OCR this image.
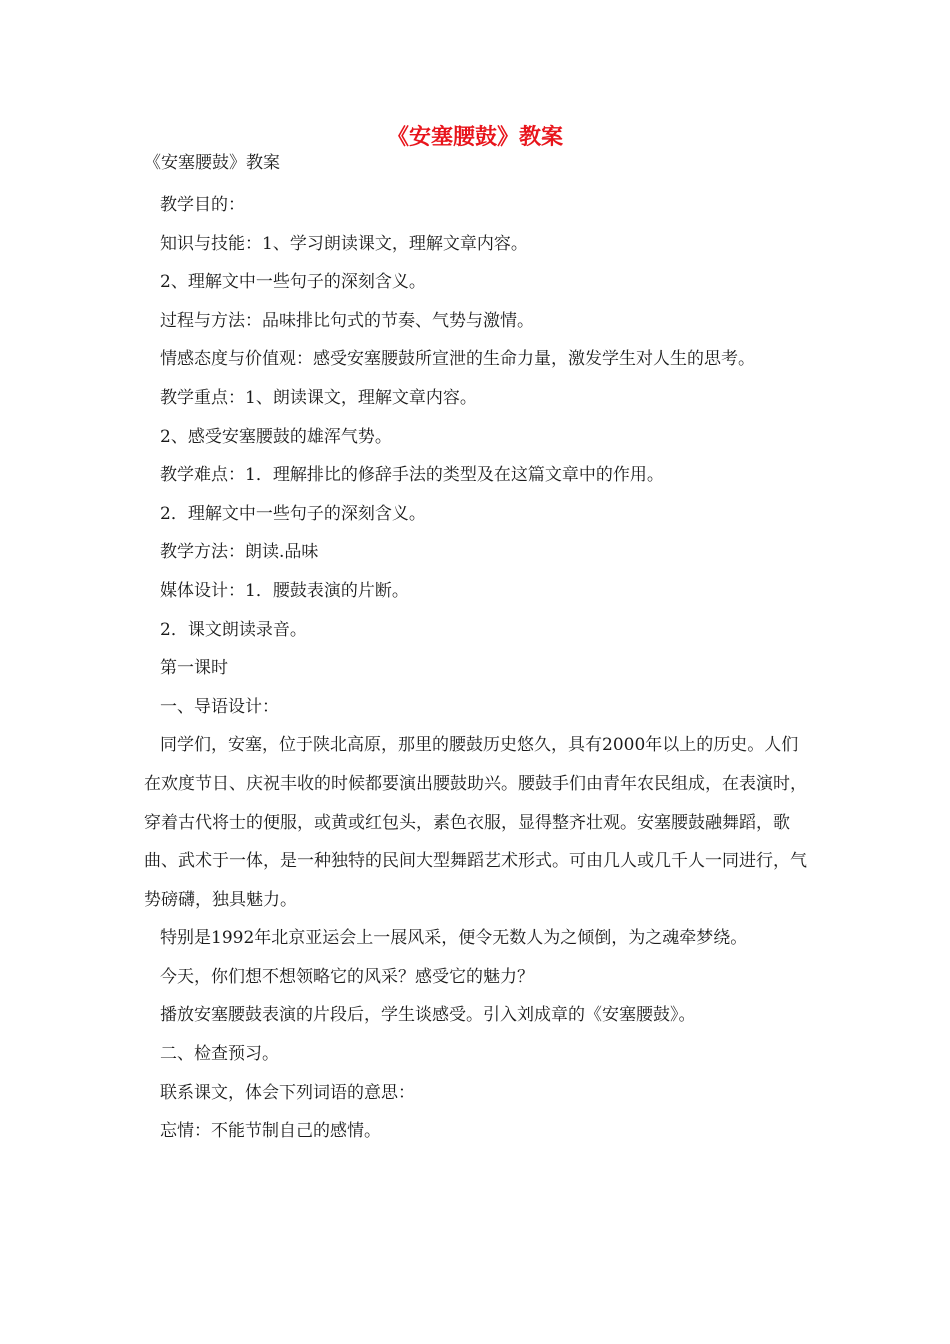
《安塞腰鼓》教案

《安塞腰鼓》教案

教学目的：

知识与技能：1、学习朗读课文，理解文章内容。

2、理解文中一些句子的深刻含义。

过程与方法：品味排比句式的节奏、气势与激情。

情感态度与价值观：感受安塞腰鼓所宣泄的生命力量，激发学生对人生的思考。

教学重点：1、朗读课文，理解文章内容。

2、感受安塞腰鼓的雄浑气势。

教学难点：1．理解排比的修辞手法的类型及在这篇文章中的作用。

2．理解文中一些句子的深刻含义。

教学方法：朗读.品味

媒体设计：1．腰鼓表演的片断。

2．课文朗读录音。

第一课时

一、导语设计：

同学们，安塞，位于陕北高原，那里的腰鼓历史悠久，具有2000年以上的历史。人们在欢度节日、庆祝丰收的时候都要演出腰鼓助兴。腰鼓手们由青年农民组成，在表演时，穿着古代将士的便服，或黄或红包头，素色衣服，显得整齐壮观。安塞腰鼓融舞蹈，歌曲、武术于一体，是一种独特的民间大型舞蹈艺术形式。可由几人或几千人一同进行，气势磅礴，独具魅力。

特别是1992年北京亚运会上一展风采，便令无数人为之倾倒，为之魂牵梦绕。

今天，你们想不想领略它的风采？感受它的魅力？

播放安塞腰鼓表演的片段后，学生谈感受。引入刘成章的《安塞腰鼓》。

二、检查预习。

联系课文，体会下列词语的意思：

忘情：不能节制自己的感情。
